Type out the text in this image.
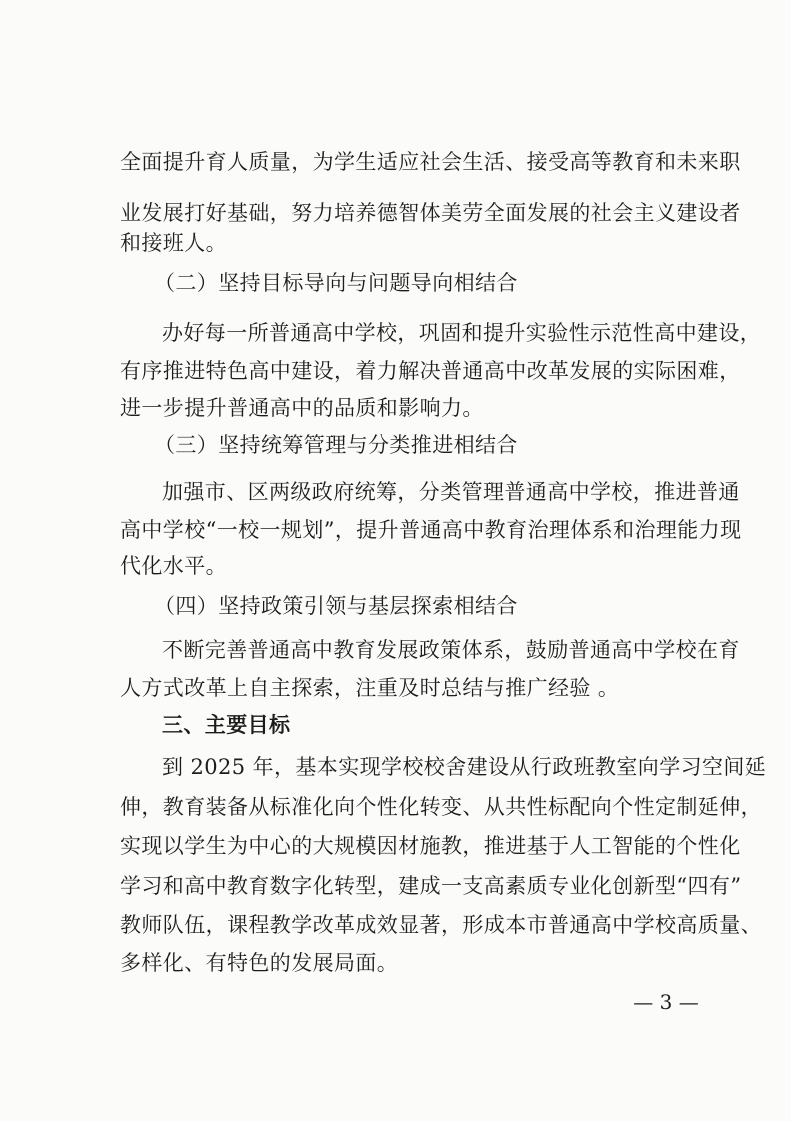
全面提升育人质量，为学生适应社会生活、接受高等教育和未来职
业发展打好基础，努力培养德智体美劳全面发展的社会主义建设者
和接班人。
（二）坚持目标导向与问题导向相结合
办好每一所普通高中学校，巩固和提升实验性示范性高中建设，
有序推进特色高中建设，着力解决普通高中改革发展的实际困难，
进一步提升普通高中的品质和影响力。
（三）坚持统筹管理与分类推进相结合
加强市、区两级政府统筹，分类管理普通高中学校，推进普通
高中学校“一校一规划”，提升普通高中教育治理体系和治理能力现
代化水平。
（四）坚持政策引领与基层探索相结合
不断完善普通高中教育发展政策体系，鼓励普通高中学校在育
人方式改革上自主探索，注重及时总结与推广经验 。
三、主要目标
到 2025 年，基本实现学校校舍建设从行政班教室向学习空间延
伸，教育装备从标准化向个性化转变、从共性标配向个性定制延伸，
实现以学生为中心的大规模因材施教，推进基于人工智能的个性化
学习和高中教育数字化转型，建成一支高素质专业化创新型“四有”
教师队伍，课程教学改革成效显著，形成本市普通高中学校高质量、
多样化、有特色的发展局面。
— 3 —
